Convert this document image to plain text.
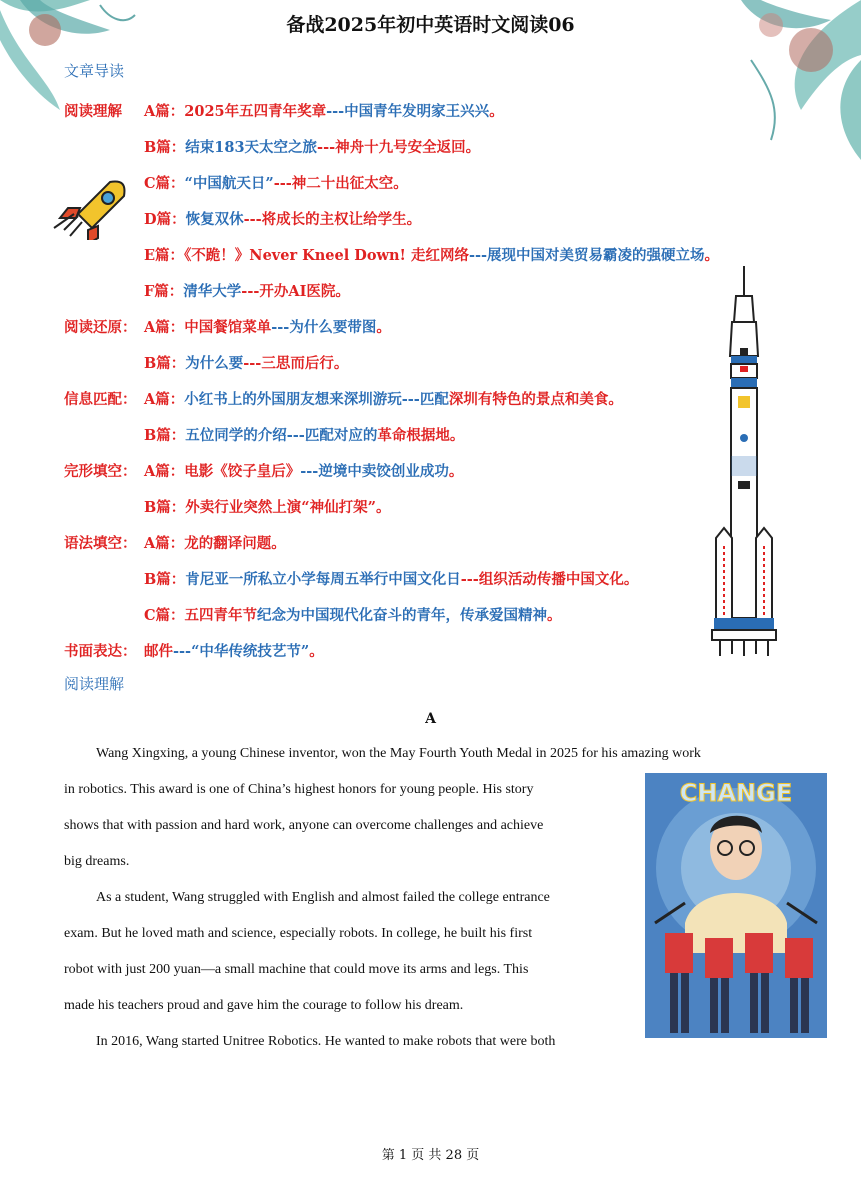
备战2025年初中英语时文阅读06
文章导读
阅读理解 A篇：2025年五四青年奖章---中国青年发明家王兴兴。
B篇：结束183天太空之旅---神舟十九号安全返回。
C篇：“中国航天日”---神二十出征太空。
D篇：恢复双休---将成长的主权让给学生。
E篇：《不跪！》Never Kneel Down! 走红网络---展现中国对美贸易霸凌的强硬立场。
F篇：清华大学---开办AI医院。
阅读还原： A篇：中国餐馆菜单---为什么要带图。
B篇：为什么要---三思而后行。
信息匹配： A篇：小红书上的外国朋友想来深圳游玩---匹配深圳有特色的景点和美食。
B篇：五位同学的介绍---匹配对应的革命根据地。
完形填空： A篇：电影《饺子皇后》---逆境中卖饺创业成功。
B篇：外卖行业突然上演“神仙打架”。
语法填空： A篇：龙的翻译问题。
B篇：肯尼亚一所私立小学每周五举行中国文化日---组织活动传播中国文化。
C篇：五四青年节纪念为中国现代化奋斗的青年，传承爱国精神。
书面表达： 邮件---“中华传统技艺节”。
阅读理解
A
Wang Xingxing, a young Chinese inventor, won the May Fourth Youth Medal in 2025 for his amazing work
in robotics. This award is one of China’s highest honors for young people. His story
shows that with passion and hard work, anyone can overcome challenges and achieve
big dreams.
As a student, Wang struggled with English and almost failed the college entrance
exam. But he loved math and science, especially robots. In college, he built his first
robot with just 200 yuan—a small machine that could move its arms and legs. This
made his teachers proud and gave him the courage to follow his dream.
In 2016, Wang started Unitree Robotics. He wanted to make robots that were both
CHANGE
第 1 页 共 28 页
